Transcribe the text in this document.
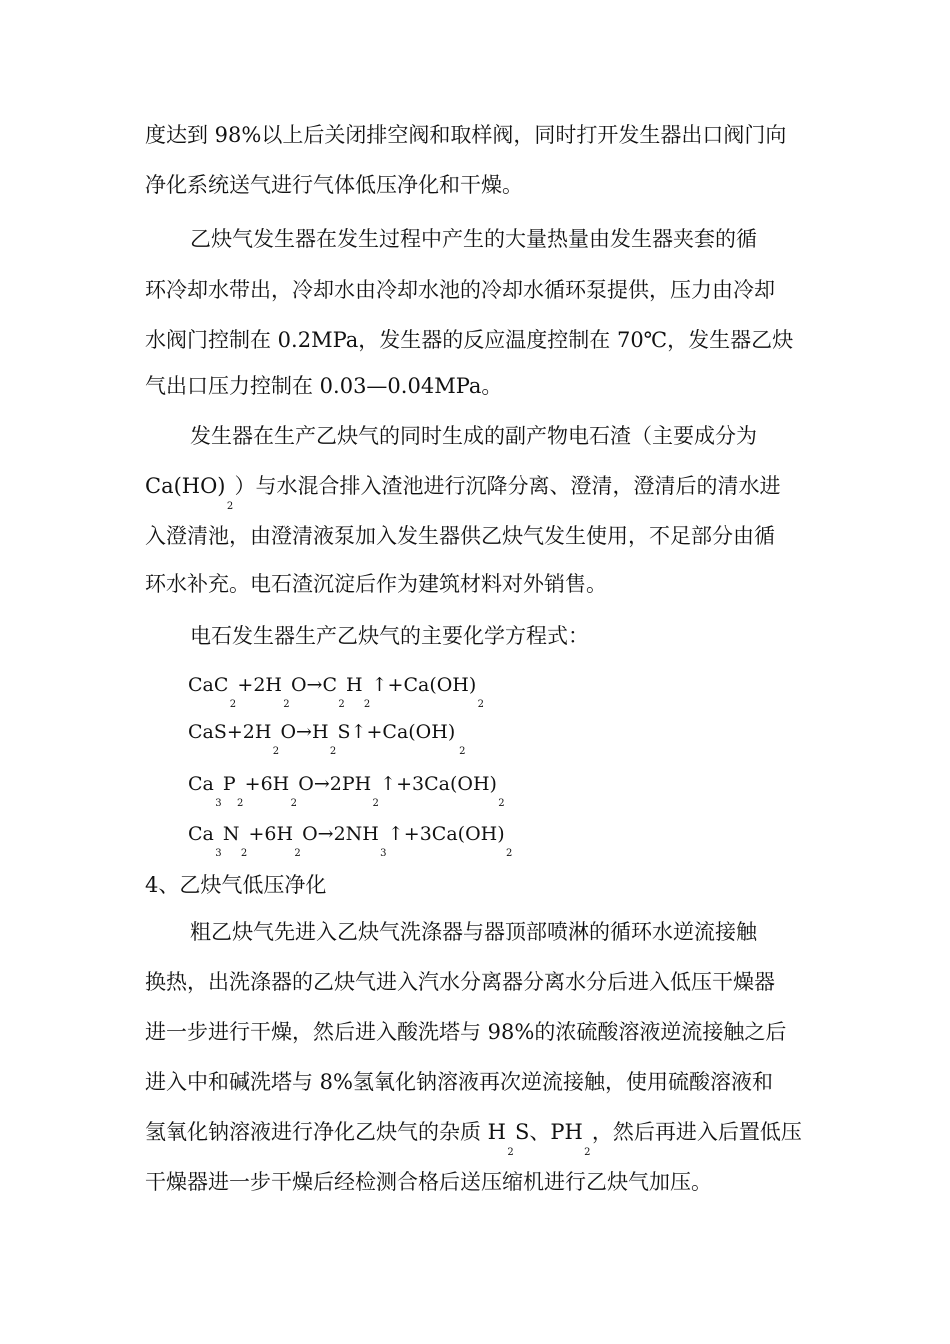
度达到 98%以上后关闭排空阀和取样阀，同时打开发生器出口阀门向
净化系统送气进行气体低压净化和干燥。
乙炔气发生器在发生过程中产生的大量热量由发生器夹套的循
环冷却水带出，冷却水由冷却水池的冷却水循环泵提供，压力由冷却
水阀门控制在 0.2MPa，发生器的反应温度控制在 70℃，发生器乙炔
气出口压力控制在 0.03—0.04MPa。
发生器在生产乙炔气的同时生成的副产物电石渣（主要成分为
Ca(HO)2）与水混合排入渣池进行沉降分离、澄清，澄清后的清水进
入澄清池，由澄清液泵加入发生器供乙炔气发生使用，不足部分由循
环水补充。电石渣沉淀后作为建筑材料对外销售。
电石发生器生产乙炔气的主要化学方程式：
CaC2+2H2O→C2H2↑+Ca(OH)2
CaS+2H2O→H2S↑+Ca(OH)2
Ca3P2+6H2O→2PH2↑+3Ca(OH)2
Ca3N2+6H2O→2NH3↑+3Ca(OH)2
4、乙炔气低压净化
粗乙炔气先进入乙炔气洗涤器与器顶部喷淋的循环水逆流接触
换热，出洗涤器的乙炔气进入汽水分离器分离水分后进入低压干燥器
进一步进行干燥，然后进入酸洗塔与 98%的浓硫酸溶液逆流接触之后
进入中和碱洗塔与 8%氢氧化钠溶液再次逆流接触，使用硫酸溶液和
氢氧化钠溶液进行净化乙炔气的杂质 H2S、PH2，然后再进入后置低压
干燥器进一步干燥后经检测合格后送压缩机进行乙炔气加压。
